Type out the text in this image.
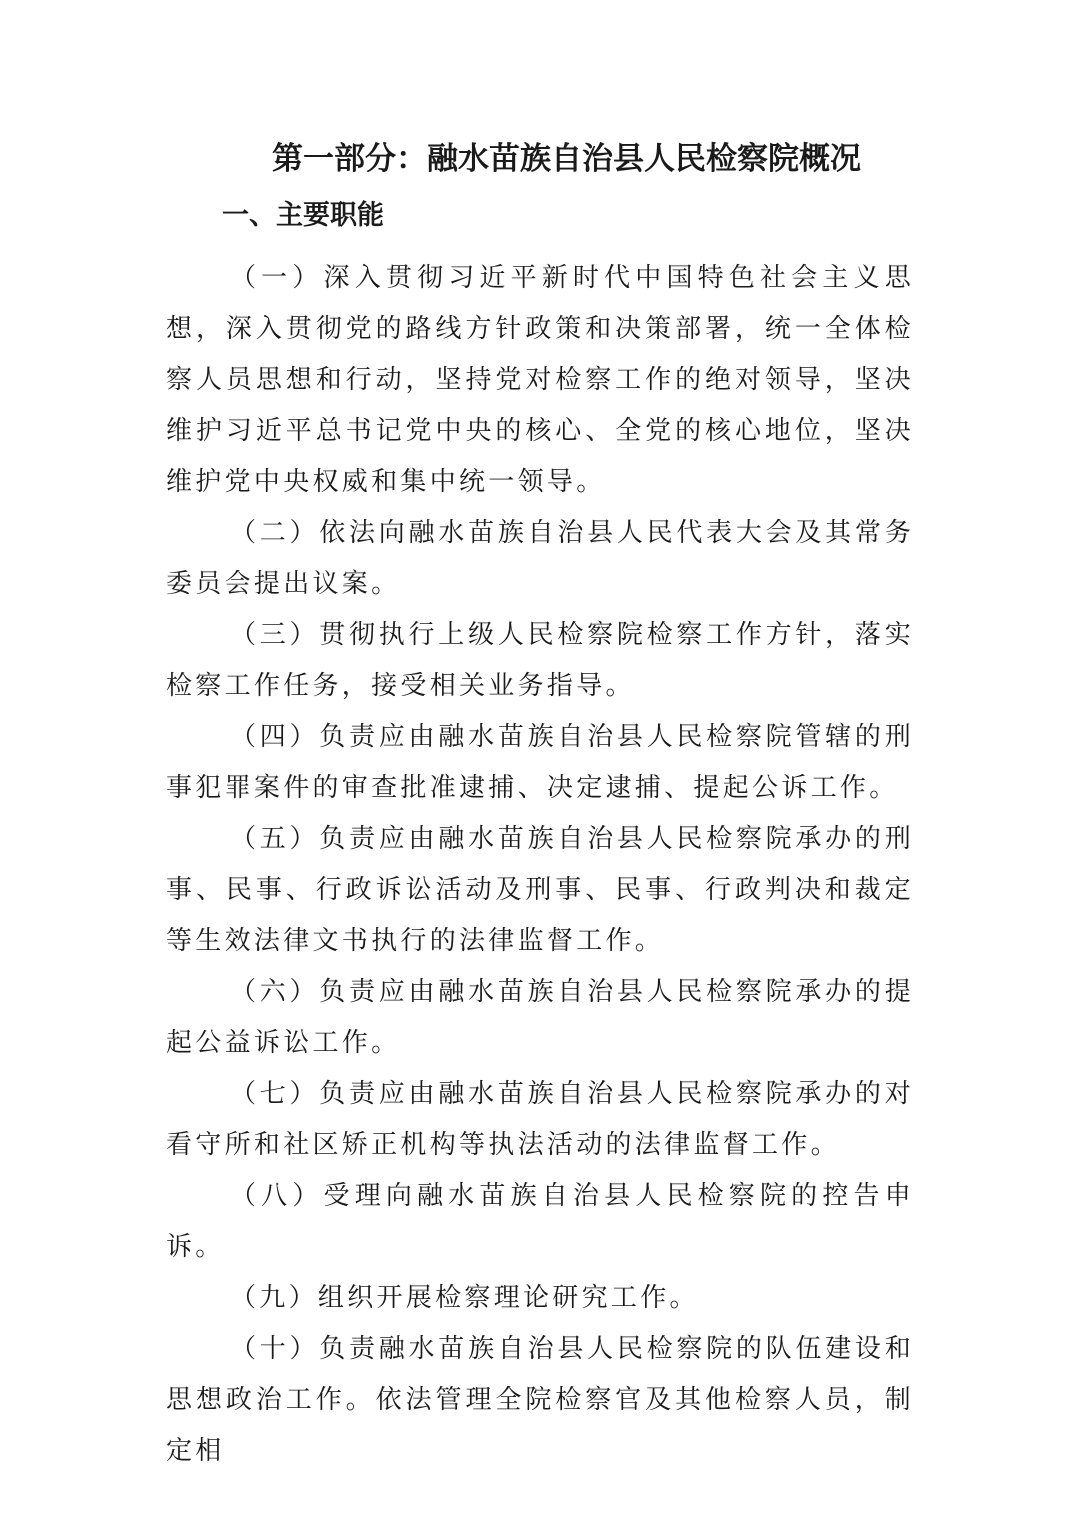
第一部分：融水苗族自治县人民检察院概况
一、主要职能

（一）深入贯彻习近平新时代中国特色社会主义思想，深入贯彻党的路线方针政策和决策部署，统一全体检察人员思想和行动，坚持党对检察工作的绝对领导，坚决维护习近平总书记党中央的核心、全党的核心地位，坚决维护党中央权威和集中统一领导。

（二）依法向融水苗族自治县人民代表大会及其常务委员会提出议案。

（三）贯彻执行上级人民检察院检察工作方针，落实检察工作任务，接受相关业务指导。

（四）负责应由融水苗族自治县人民检察院管辖的刑事犯罪案件的审查批准逮捕、决定逮捕、提起公诉工作。

（五）负责应由融水苗族自治县人民检察院承办的刑事、民事、行政诉讼活动及刑事、民事、行政判决和裁定等生效法律文书执行的法律监督工作。

（六）负责应由融水苗族自治县人民检察院承办的提起公益诉讼工作。

（七）负责应由融水苗族自治县人民检察院承办的对看守所和社区矫正机构等执法活动的法律监督工作。

（八）受理向融水苗族自治县人民检察院的控告申诉。

（九）组织开展检察理论研究工作。

（十）负责融水苗族自治县人民检察院的队伍建设和思想政治工作。依法管理全院检察官及其他检察人员，制定相
